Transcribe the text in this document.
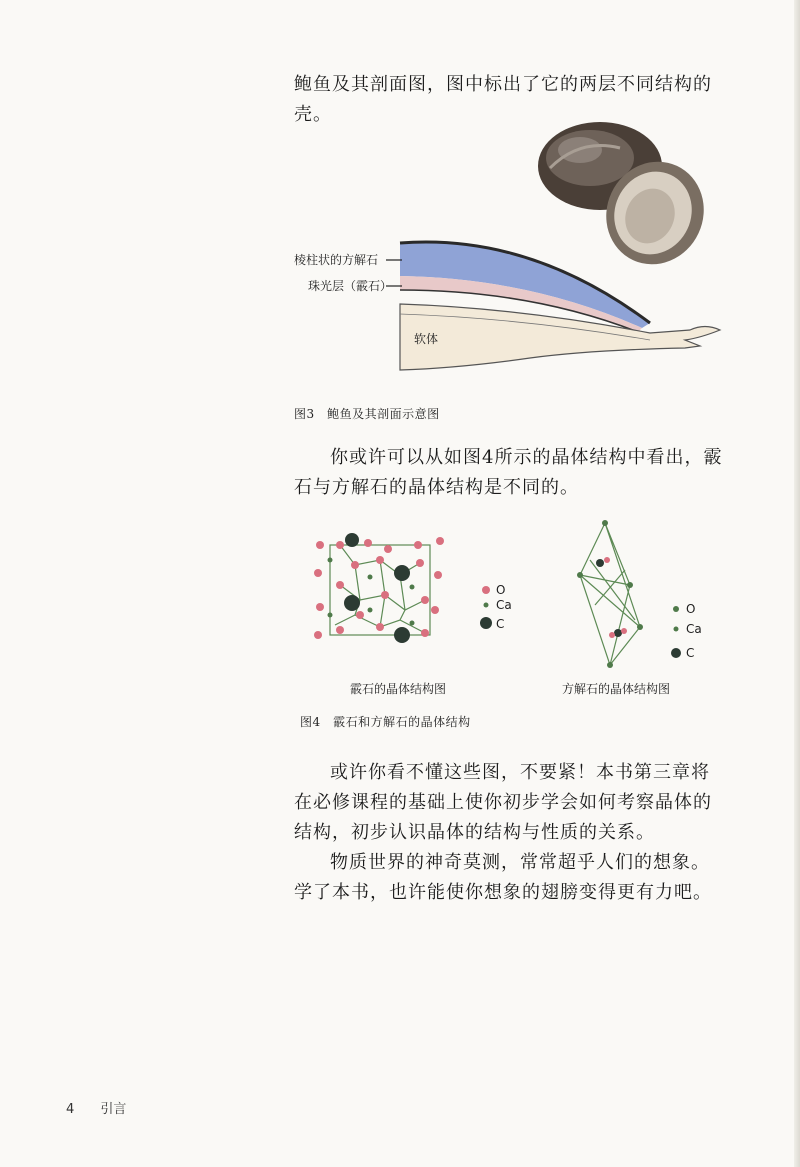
鲍鱼及其剖面图，图中标出了它的两层不同结构的壳。
棱柱状的方解石
珠光层（霰石）
软体
图3　鲍鱼及其剖面示意图
你或许可以从如图4所示的晶体结构中看出，霰石与方解石的晶体结构是不同的。
O
Ca
C
O
Ca
C
霰石的晶体结构图	方解石的晶体结构图
图4　霰石和方解石的晶体结构
或许你看不懂这些图，不要紧！本书第三章将在必修课程的基础上使你初步学会如何考察晶体的结构，初步认识晶体的结构与性质的关系。
物质世界的神奇莫测，常常超乎人们的想象。学了本书，也许能使你想象的翅膀变得更有力吧。
4 引言
